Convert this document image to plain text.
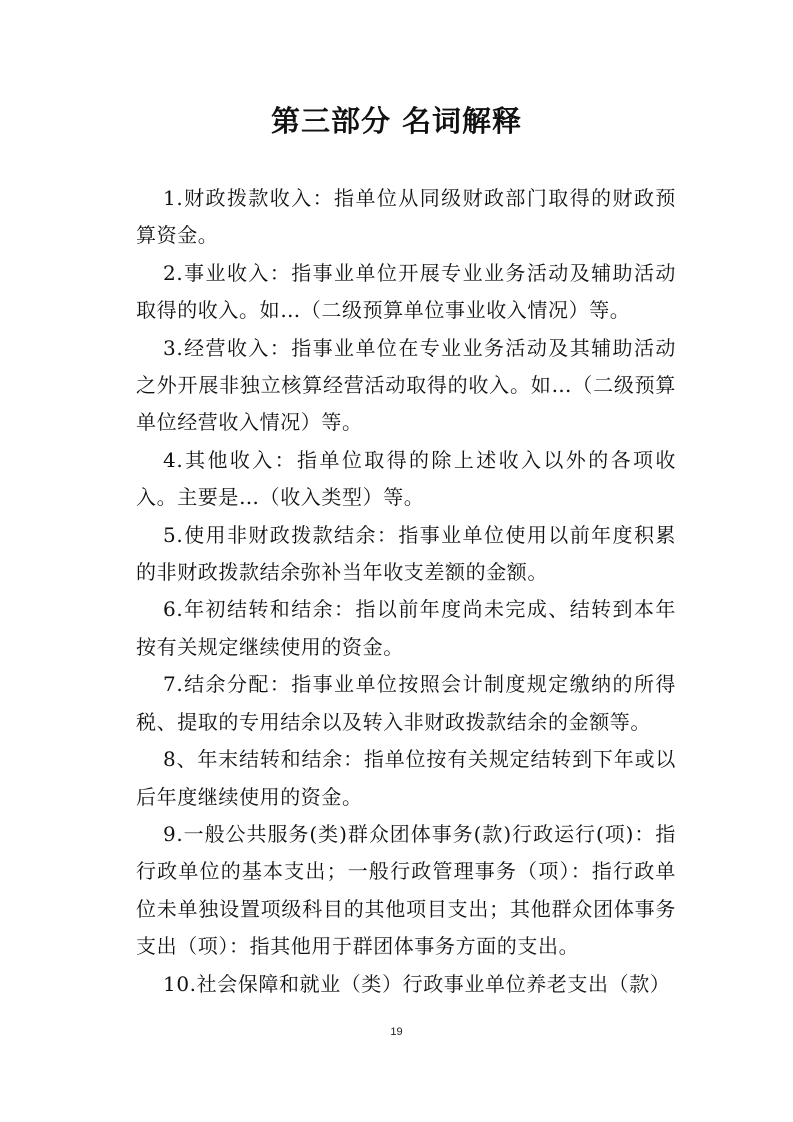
第三部分 名词解释

1.财政拨款收入：指单位从同级财政部门取得的财政预算资金。

2.事业收入：指事业单位开展专业业务活动及辅助活动取得的收入。如…（二级预算单位事业收入情况）等。

3.经营收入：指事业单位在专业业务活动及其辅助活动之外开展非独立核算经营活动取得的收入。如…（二级预算单位经营收入情况）等。

4.其他收入：指单位取得的除上述收入以外的各项收入。主要是…（收入类型）等。

5.使用非财政拨款结余：指事业单位使用以前年度积累的非财政拨款结余弥补当年收支差额的金额。

6.年初结转和结余：指以前年度尚未完成、结转到本年按有关规定继续使用的资金。

7.结余分配：指事业单位按照会计制度规定缴纳的所得税、提取的专用结余以及转入非财政拨款结余的金额等。

8、年末结转和结余：指单位按有关规定结转到下年或以后年度继续使用的资金。

9.一般公共服务(类)群众团体事务(款)行政运行(项)：指行政单位的基本支出；一般行政管理事务（项）：指行政单位未单独设置项级科目的其他项目支出；其他群众团体事务支出（项）：指其他用于群团体事务方面的支出。

10.社会保障和就业（类）行政事业单位养老支出（款）

19
